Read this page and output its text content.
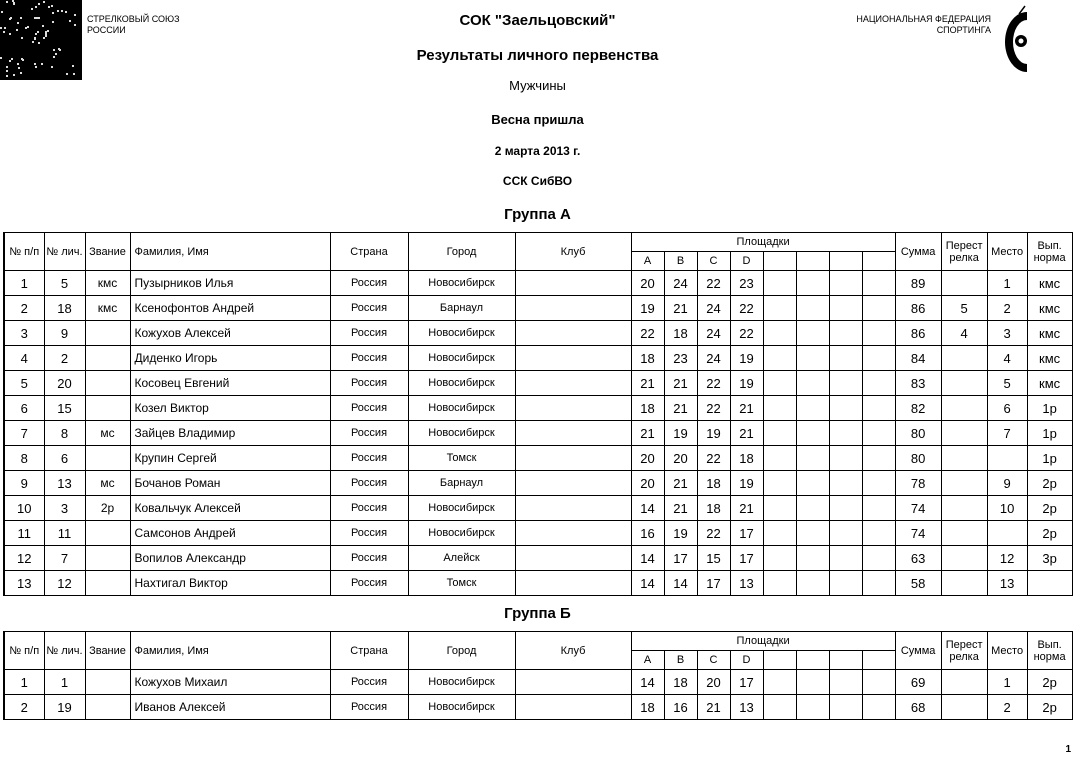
СТРЕЛКОВЫЙ СОЮЗ
РОССИИ
НАЦИОНАЛЬНАЯ ФЕДЕРАЦИЯ
СПОРТИНГА
СОК "Заельцовский"
Результаты личного первенства
Мужчины
Весна пришла
2 марта 2013 г.
ССК СибВО
Группа А
№ п/п	№ лич.	Звание	Фамилия, Имя	Страна	Город	Клуб	Площадки								Сумма	Перест релка	Место	Вып. норма
							A	B	C	D								
1	5	кмс	Пузырников Илья	Россия	Новосибирск		20	24	22	23					89		1	кмс
2	18	кмс	Ксенофонтов Андрей	Россия	Барнаул		19	21	24	22					86	5	2	кмс
3	9		Кожухов Алексей	Россия	Новосибирск		22	18	24	22					86	4	3	кмс
4	2		Диденко Игорь	Россия	Новосибирск		18	23	24	19					84		4	кмс
5	20		Косовец Евгений	Россия	Новосибирск		21	21	22	19					83		5	кмс
6	15		Козел Виктор	Россия	Новосибирск		18	21	22	21					82		6	1р
7	8	мс	Зайцев Владимир	Россия	Новосибирск		21	19	19	21					80		7	1р
8	6		Крупин Сергей	Россия	Томск		20	20	22	18					80			1р
9	13	мс	Бочанов Роман	Россия	Барнаул		20	21	18	19					78		9	2р
10	3	2р	Ковальчук Алексей	Россия	Новосибирск		14	21	18	21					74		10	2р
11	11		Самсонов Андрей	Россия	Новосибирск		16	19	22	17					74			2р
12	7		Вопилов Александр	Россия	Алейск		14	17	15	17					63		12	3р
13	12		Нахтигал Виктор	Россия	Томск		14	14	17	13					58		13	
Группа Б
№ п/п	№ лич.	Звание	Фамилия, Имя	Страна	Город	Клуб	Площадки								Сумма	Перест релка	Место	Вып. норма
							A	B	C	D								
1	1		Кожухов Михаил	Россия	Новосибирск		14	18	20	17					69		1	2р
2	19		Иванов Алексей	Россия	Новосибирск		18	16	21	13					68		2	2р
1
